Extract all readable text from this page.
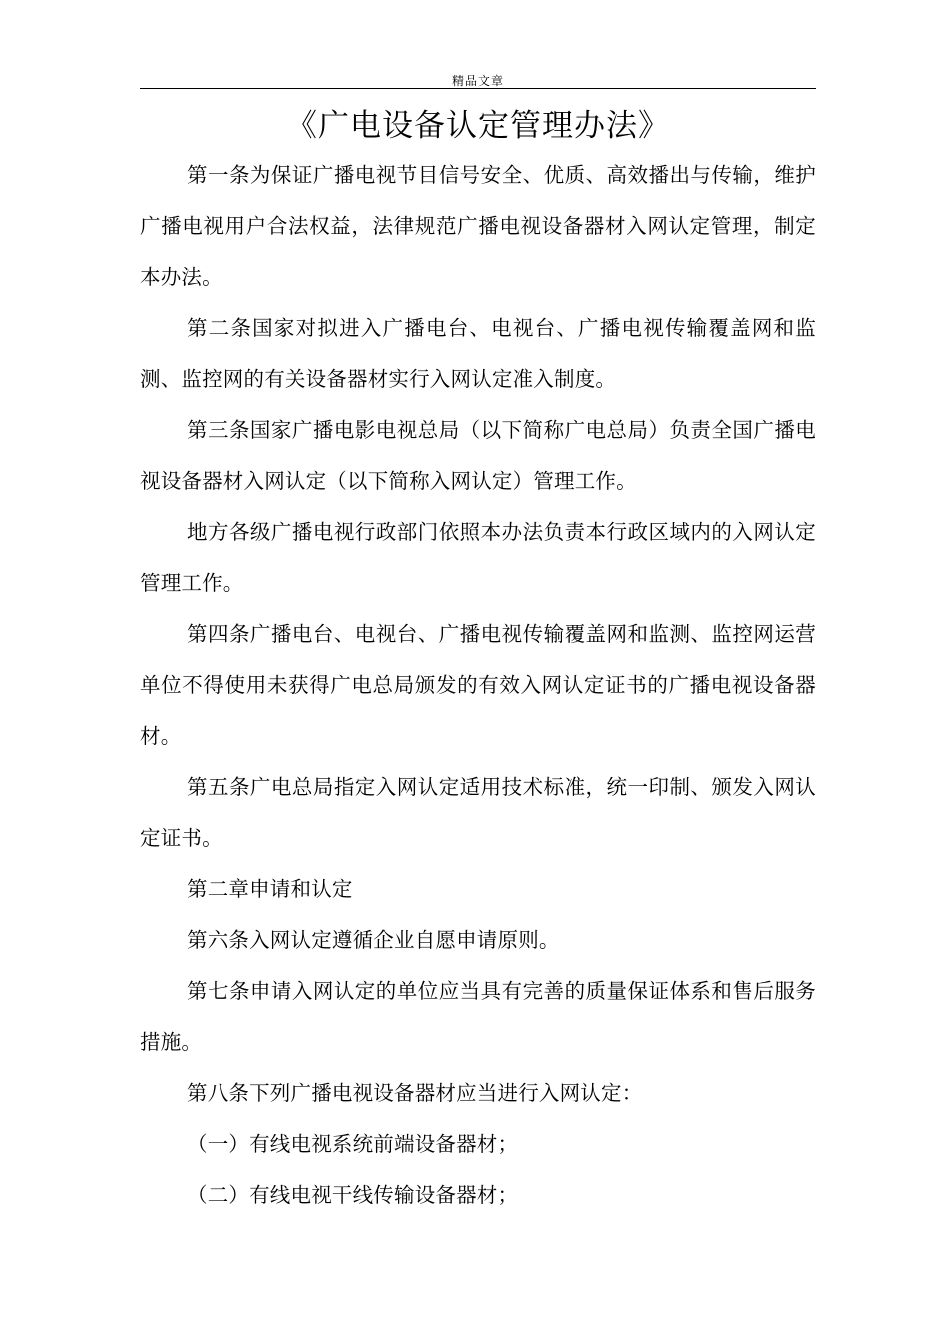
精品文章
《广电设备认定管理办法》

第一条为保证广播电视节目信号安全、优质、高效播出与传输，维护广播电视用户合法权益，法律规范广播电视设备器材入网认定管理，制定本办法。

第二条国家对拟进入广播电台、电视台、广播电视传输覆盖网和监测、监控网的有关设备器材实行入网认定准入制度。

第三条国家广播电影电视总局（以下简称广电总局）负责全国广播电视设备器材入网认定（以下简称入网认定）管理工作。

地方各级广播电视行政部门依照本办法负责本行政区域内的入网认定管理工作。

第四条广播电台、电视台、广播电视传输覆盖网和监测、监控网运营单位不得使用未获得广电总局颁发的有效入网认定证书的广播电视设备器材。

第五条广电总局指定入网认定适用技术标准，统一印制、颁发入网认定证书。

第二章申请和认定

第六条入网认定遵循企业自愿申请原则。

第七条申请入网认定的单位应当具有完善的质量保证体系和售后服务措施。

第八条下列广播电视设备器材应当进行入网认定：

（一）有线电视系统前端设备器材；

（二）有线电视干线传输设备器材；
